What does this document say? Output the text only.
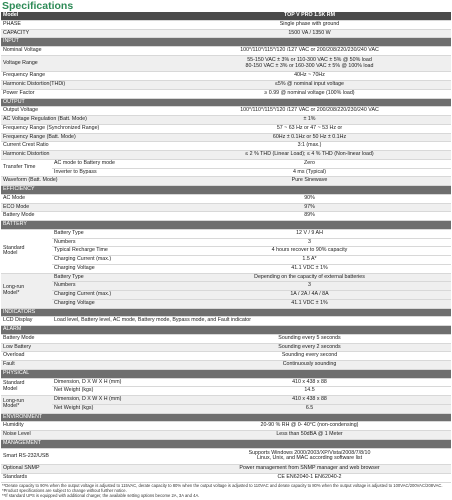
Specifications
Model		TOP V PRO 1.5K RM
PHASE		Single phase with ground
CAPACITY		1500 VA / 1350 W
INPUT		
Nominal Voltage		100*/110*/115*/120 /127 VAC or 200/208/220/230/240 VAC
Voltage Range		55-150 VAC ± 3% or 110-300 VAC ± 5% @ 50% load
80-150 VAC ± 3% or 160-300 VAC ± 5% @ 100% load

Frequency Range		40Hz ~ 70Hz
Harmonic Distortion(THDi)		≤5% @ nominal input voltage
Power Factor		≥ 0.99 @ nominal voltage (100% load)
OUTPUT		
Output Voltage		100*/110*/115*/120 /127 VAC or 200/208/220/230/240 VAC
AC Voltage Regulation (Batt. Mode)		± 1%
Frequency Range (Synchronized Range)		57 ~ 63 Hz or 47 ~ 53 Hz or
Frequency Range (Batt. Mode)		60Hz ± 0.1Hz or 50 Hz ± 0.1Hz
Current Crest Ratio		3:1 (max.)
Harmonic Distortion		≤ 2 % THD (Linear Load); ≤ 4 % THD (Non-linear load)
Transfer Time	AC mode to Battery mode	Zero
	Inverter to Bypass	4 ms (Typical)
Waveform (Batt. Mode)		Pure Sinewave
EFFICIENCY		
AC Mode		90%
ECO Mode		97%
Battery Mode		89%
BATTERY		

Standard
Model	Battery Type	12 V / 9 AH
	Numbers	3
	Typical Recharge Time	4 hours recover to 90% capacity
	Charging Current (max.)	1.5 A*
	Charging Voltage	41.1 VDC ± 1%

Long-run
Model*	Battery Type	Depending on the capacity of external batteries
	Numbers	3
	Charging Current (max.)	1A / 2A / 4A / 8A
	Charging Voltage	41.1 VDC ± 1%
INDICATORS		
LCD Display	Load level, Battery level, AC mode, Battery mode, Bypass mode, and Fault indicator	
ALARM		
Battery Mode		Sounding every 5 seconds
Low Battery		Sounding every 2 seconds
Overload		Sounding every second
Fault		Continuously sounding
PHYSICAL		

Standard
Model	Dimension, D X W X H (mm)	410 x 438 x 88
	Net Weight (kgs)	14.5

Long-run
Model*	Dimension, D X W X H (mm)	410 x 438 x 88
	Net Weight (kgs)	6.5
ENVIRONMENT		
Humidity		20-90 % RH @ 0- 40°C (non-condensing)
Noise Level		Less than 50dBA @ 1 Meter
MANAGEMENT		
Smart RS-232/USB		Supports Windows 2000/2003/XP/Vista/2008/7/8/10
Linux, Unix, and MAC according software list

Optional SNMP		Power management from SNMP manager and web browser
Standards		CE EN62040-1 EN62040-2
**Derate capacity to 90% when the output voltage is adjusted to 115VAC, derate capacity to 80% when the output voltage is adjusted to 110VAC and derate capacity to 80% when the output voltage is adjusted to 100VAC/200VAC/208VAC. *Product specifications are subject to change without further notice.
**If standard UPS is equipped with additional charger, the available setting options become 2A, 3A and 4A.
